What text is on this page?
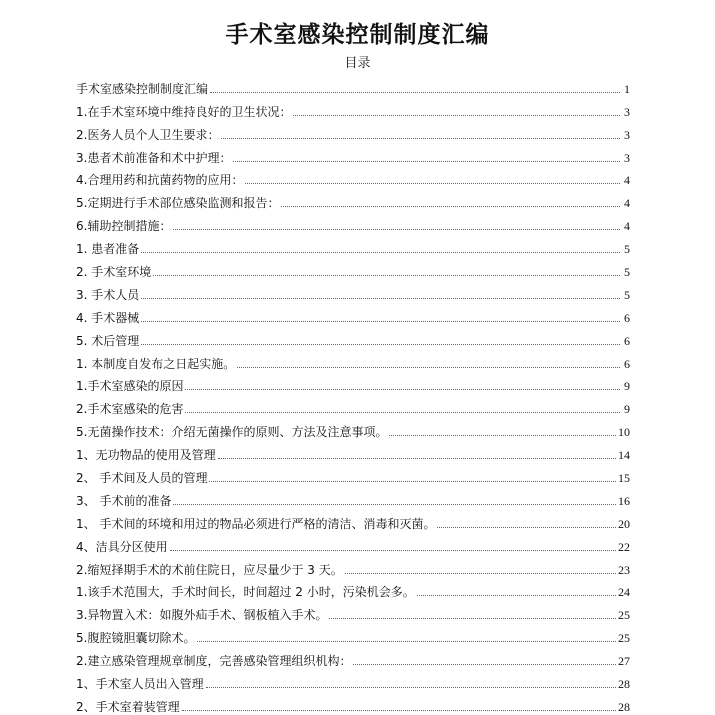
手术室感染控制制度汇编
目录
手术室感染控制制度汇编	1
1.在手术室环境中维持良好的卫生状况：	3
2.医务人员个人卫生要求：	3
3.患者术前准备和术中护理：	3
4.合理用药和抗菌药物的应用：	4
5.定期进行手术部位感染监测和报告：	4
6.辅助控制措施：	4
1. 患者准备	5
2. 手术室环境	5
3. 手术人员	5
4. 手术器械	6
5. 术后管理	6
1. 本制度自发布之日起实施。	6
1.手术室感染的原因	9
2.手术室感染的危害	9
5.无菌操作技术：介绍无菌操作的原则、方法及注意事项。	10
1、无功物品的使用及管理	14
2、 手术间及人员的管理	15
3、 手术前的准备	16
1、 手术间的环境和用过的物品必须进行严格的清洁、消毒和灭菌。	20
4、洁具分区使用	22
2.缩短择期手术的术前住院日，应尽量少于 3 天。	23
1.该手术范围大，手术时间长，时间超过 2 小时，污染机会多。	24
3.异物置入术：如腹外疝手术、钢板植入手术。	25
5.腹腔镜胆囊切除术。	25
2.建立感染管理规章制度，完善感染管理组织机构：	27
1、手术室人员出入管理	28
2、手术室着装管理	28
